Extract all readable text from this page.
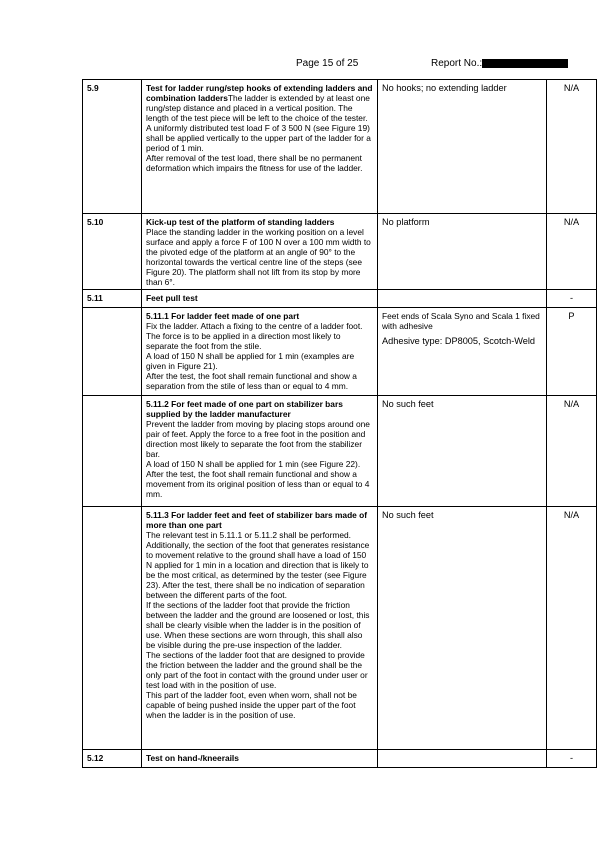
Page 15 of 25	Report No.:
5.9	Test for ladder rung/step hooks of extending ladders and combination laddersThe ladder is extended by at least one rung/step distance and placed in a vertical position. The length of the test piece will be left to the choice of the tester.
A uniformly distributed test load F of 3 500 N (see Figure 19) shall be applied vertically to the upper part of the ladder for a period of 1 min.
After removal of the test load, there shall be no permanent deformation which impairs the fitness for use of the ladder.	No hooks; no extending ladder	N/A
5.10	Kick-up test of the platform of standing ladders
Place the standing ladder in the working position on a level surface and apply a force F of 100 N over a 100 mm width to the pivoted edge of the platform at an angle of 90° to the horizontal towards the vertical centre line of the steps (see Figure 20). The platform shall not lift from its stop by more than 6°.	No platform	N/A
5.11	Feet pull test		-
	5.11.1 For ladder feet made of one part
Fix the ladder. Attach a fixing to the centre of a ladder foot. The force is to be applied in a direction most likely to separate the foot from the stile.
A load of 150 N shall be applied for 1 min (examples are given in Figure 21).
After the test, the foot shall remain functional and show a separation from the stile of less than or equal to 4 mm.	Feet ends of Scala Syno and Scala 1 fixed with adhesive
Adhesive type: DP8005, Scotch-Weld	P
	5.11.2 For feet made of one part on stabilizer bars supplied by the ladder manufacturer
Prevent the ladder from moving by placing stops around one pair of feet. Apply the force to a free foot in the position and direction most likely to separate the foot from the stabilizer bar.
A load of 150 N shall be applied for 1 min (see Figure 22).
After the test, the foot shall remain functional and show a movement from its original position of less than or equal to 4 mm.	No such feet	N/A
	5.11.3 For ladder feet and feet of stabilizer bars made of more than one part
The relevant test in 5.11.1 or 5.11.2 shall be performed. Additionally, the section of the foot that generates resistance to movement relative to the ground shall have a load of 150 N applied for 1 min in a location and direction that is likely to be the most critical, as determined by the tester (see Figure 23). After the test, there shall be no indication of separation between the different parts of the foot.
If the sections of the ladder foot that provide the friction between the ladder and the ground are loosened or lost, this shall be clearly visible when the ladder is in the position of use. When these sections are worn through, this shall also be visible during the pre-use inspection of the ladder.
The sections of the ladder foot that are designed to provide the friction between the ladder and the ground shall be the only part of the foot in contact with the ground under user or test load with in the position of use.
This part of the ladder foot, even when worn, shall not be capable of being pushed inside the upper part of the foot when the ladder is in the position of use.	No such feet	N/A
5.12	Test on hand-/kneerails		-
